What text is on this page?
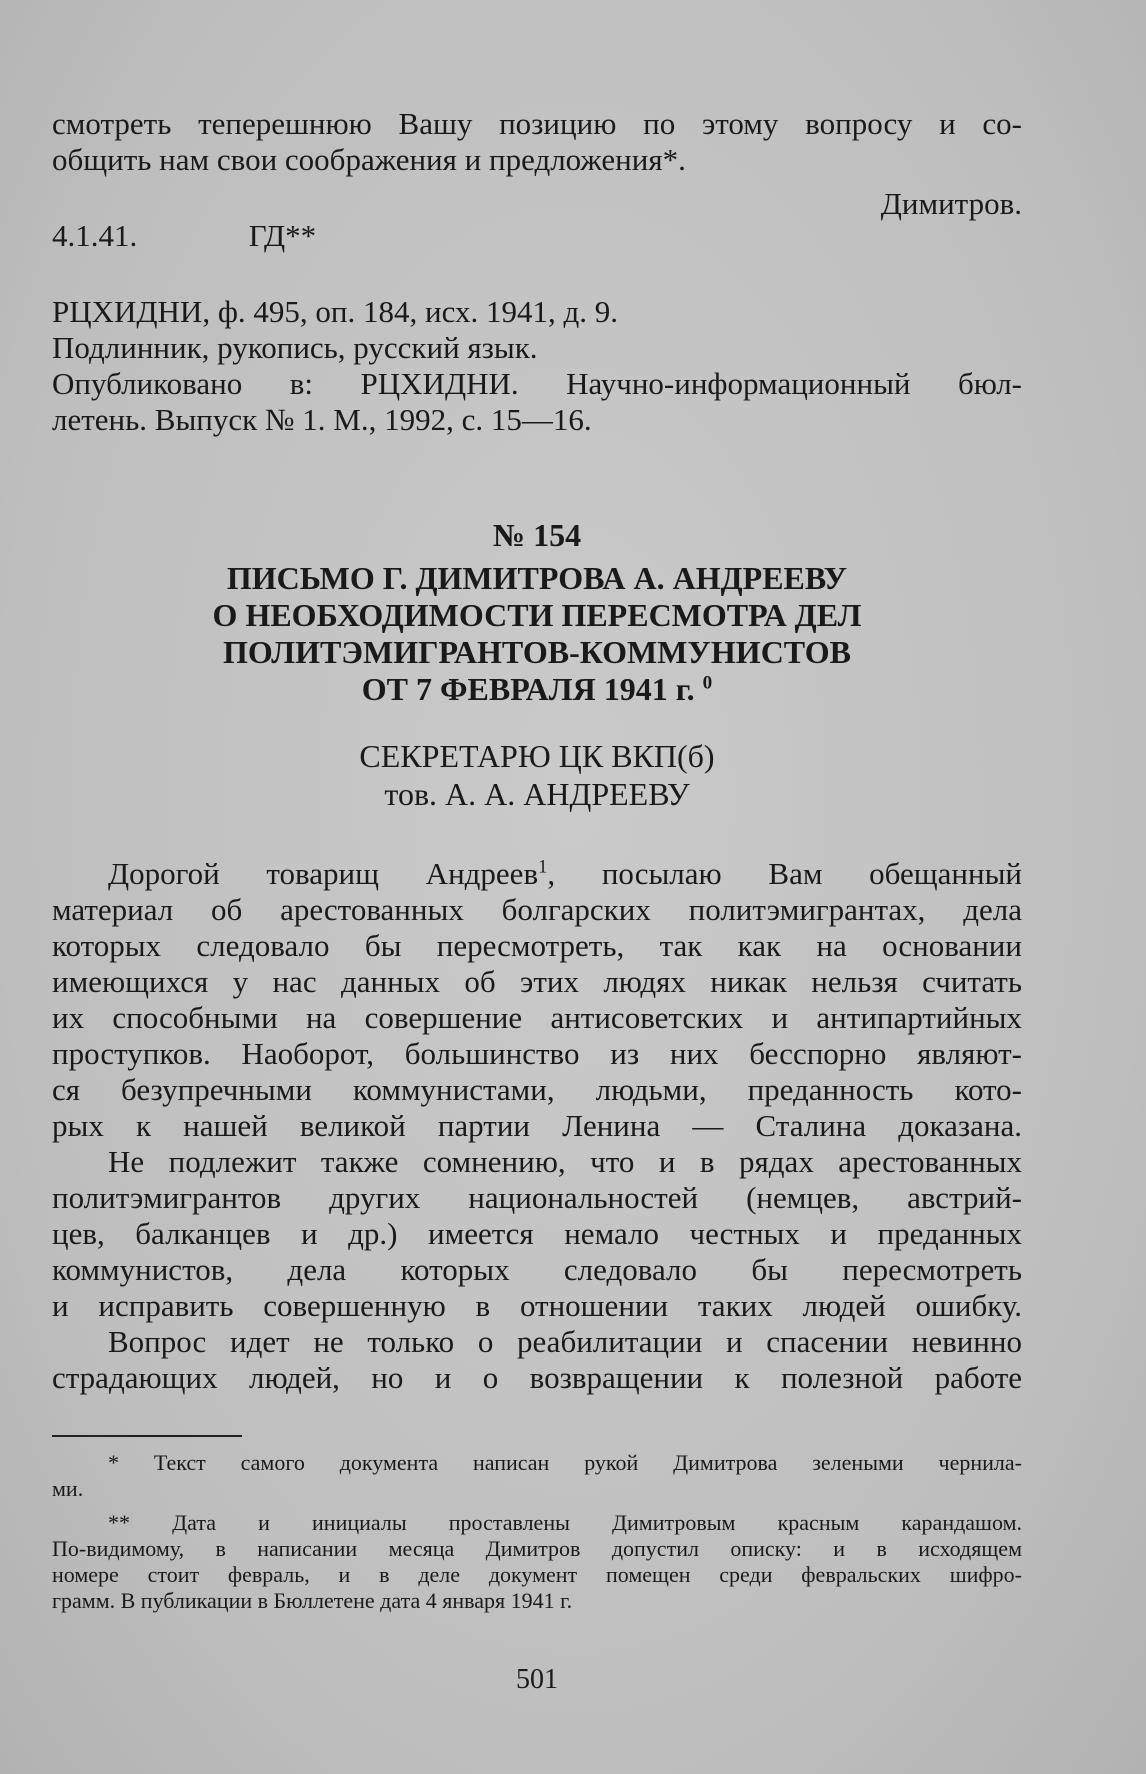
смотреть теперешнюю Вашу позицию по этому вопросу и со-
общить нам свои соображения и предложения*.
Димитров.
4.1.41.	ГД**
РЦХИДНИ, ф. 495, оп. 184, исх. 1941, д. 9.
Подлинник, рукопись, русский язык.
Опубликовано в: РЦХИДНИ. Научно-информационный бюл-
летень. Выпуск № 1. М., 1992, с. 15—16.
№ 154
ПИСЬМО Г. ДИМИТРОВА А. АНДРЕЕВУ
О НЕОБХОДИМОСТИ ПЕРЕСМОТРА ДЕЛ
ПОЛИТЭМИГРАНТОВ-КОММУНИСТОВ
ОТ 7 ФЕВРАЛЯ 1941 г. $^0$
СЕКРЕТАРЮ ЦК ВКП(б)
тов. А. А. АНДРЕЕВУ
Дорогой товарищ Андреев$^1$, посылаю Вам обещанный
материал об арестованных болгарских политэмигрантах, дела
которых следовало бы пересмотреть, так как на основании
имеющихся у нас данных об этих людях никак нельзя считать
их способными на совершение антисоветских и антипартийных
проступков. Наоборот, большинство из них бесспорно являют-
ся безупречными коммунистами, людьми, преданность кото-
рых к нашей великой партии Ленина — Сталина доказана.
Не подлежит также сомнению, что и в рядах арестованных
политэмигрантов других национальностей (немцев, австрий-
цев, балканцев и др.) имеется немало честных и преданных
коммунистов, дела которых следовало бы пересмотреть
и исправить совершенную в отношении таких людей ошибку.
Вопрос идет не только о реабилитации и спасении невинно
страдающих людей, но и о возвращении к полезной работе
* Текст самого документа написан рукой Димитрова зелеными чернила-
ми.
** Дата и инициалы проставлены Димитровым красным карандашом.
По-видимому, в написании месяца Димитров допустил описку: и в исходящем
номере стоит февраль, и в деле документ помещен среди февральских шифро-
грамм. В публикации в Бюллетене дата 4 января 1941 г.
501
